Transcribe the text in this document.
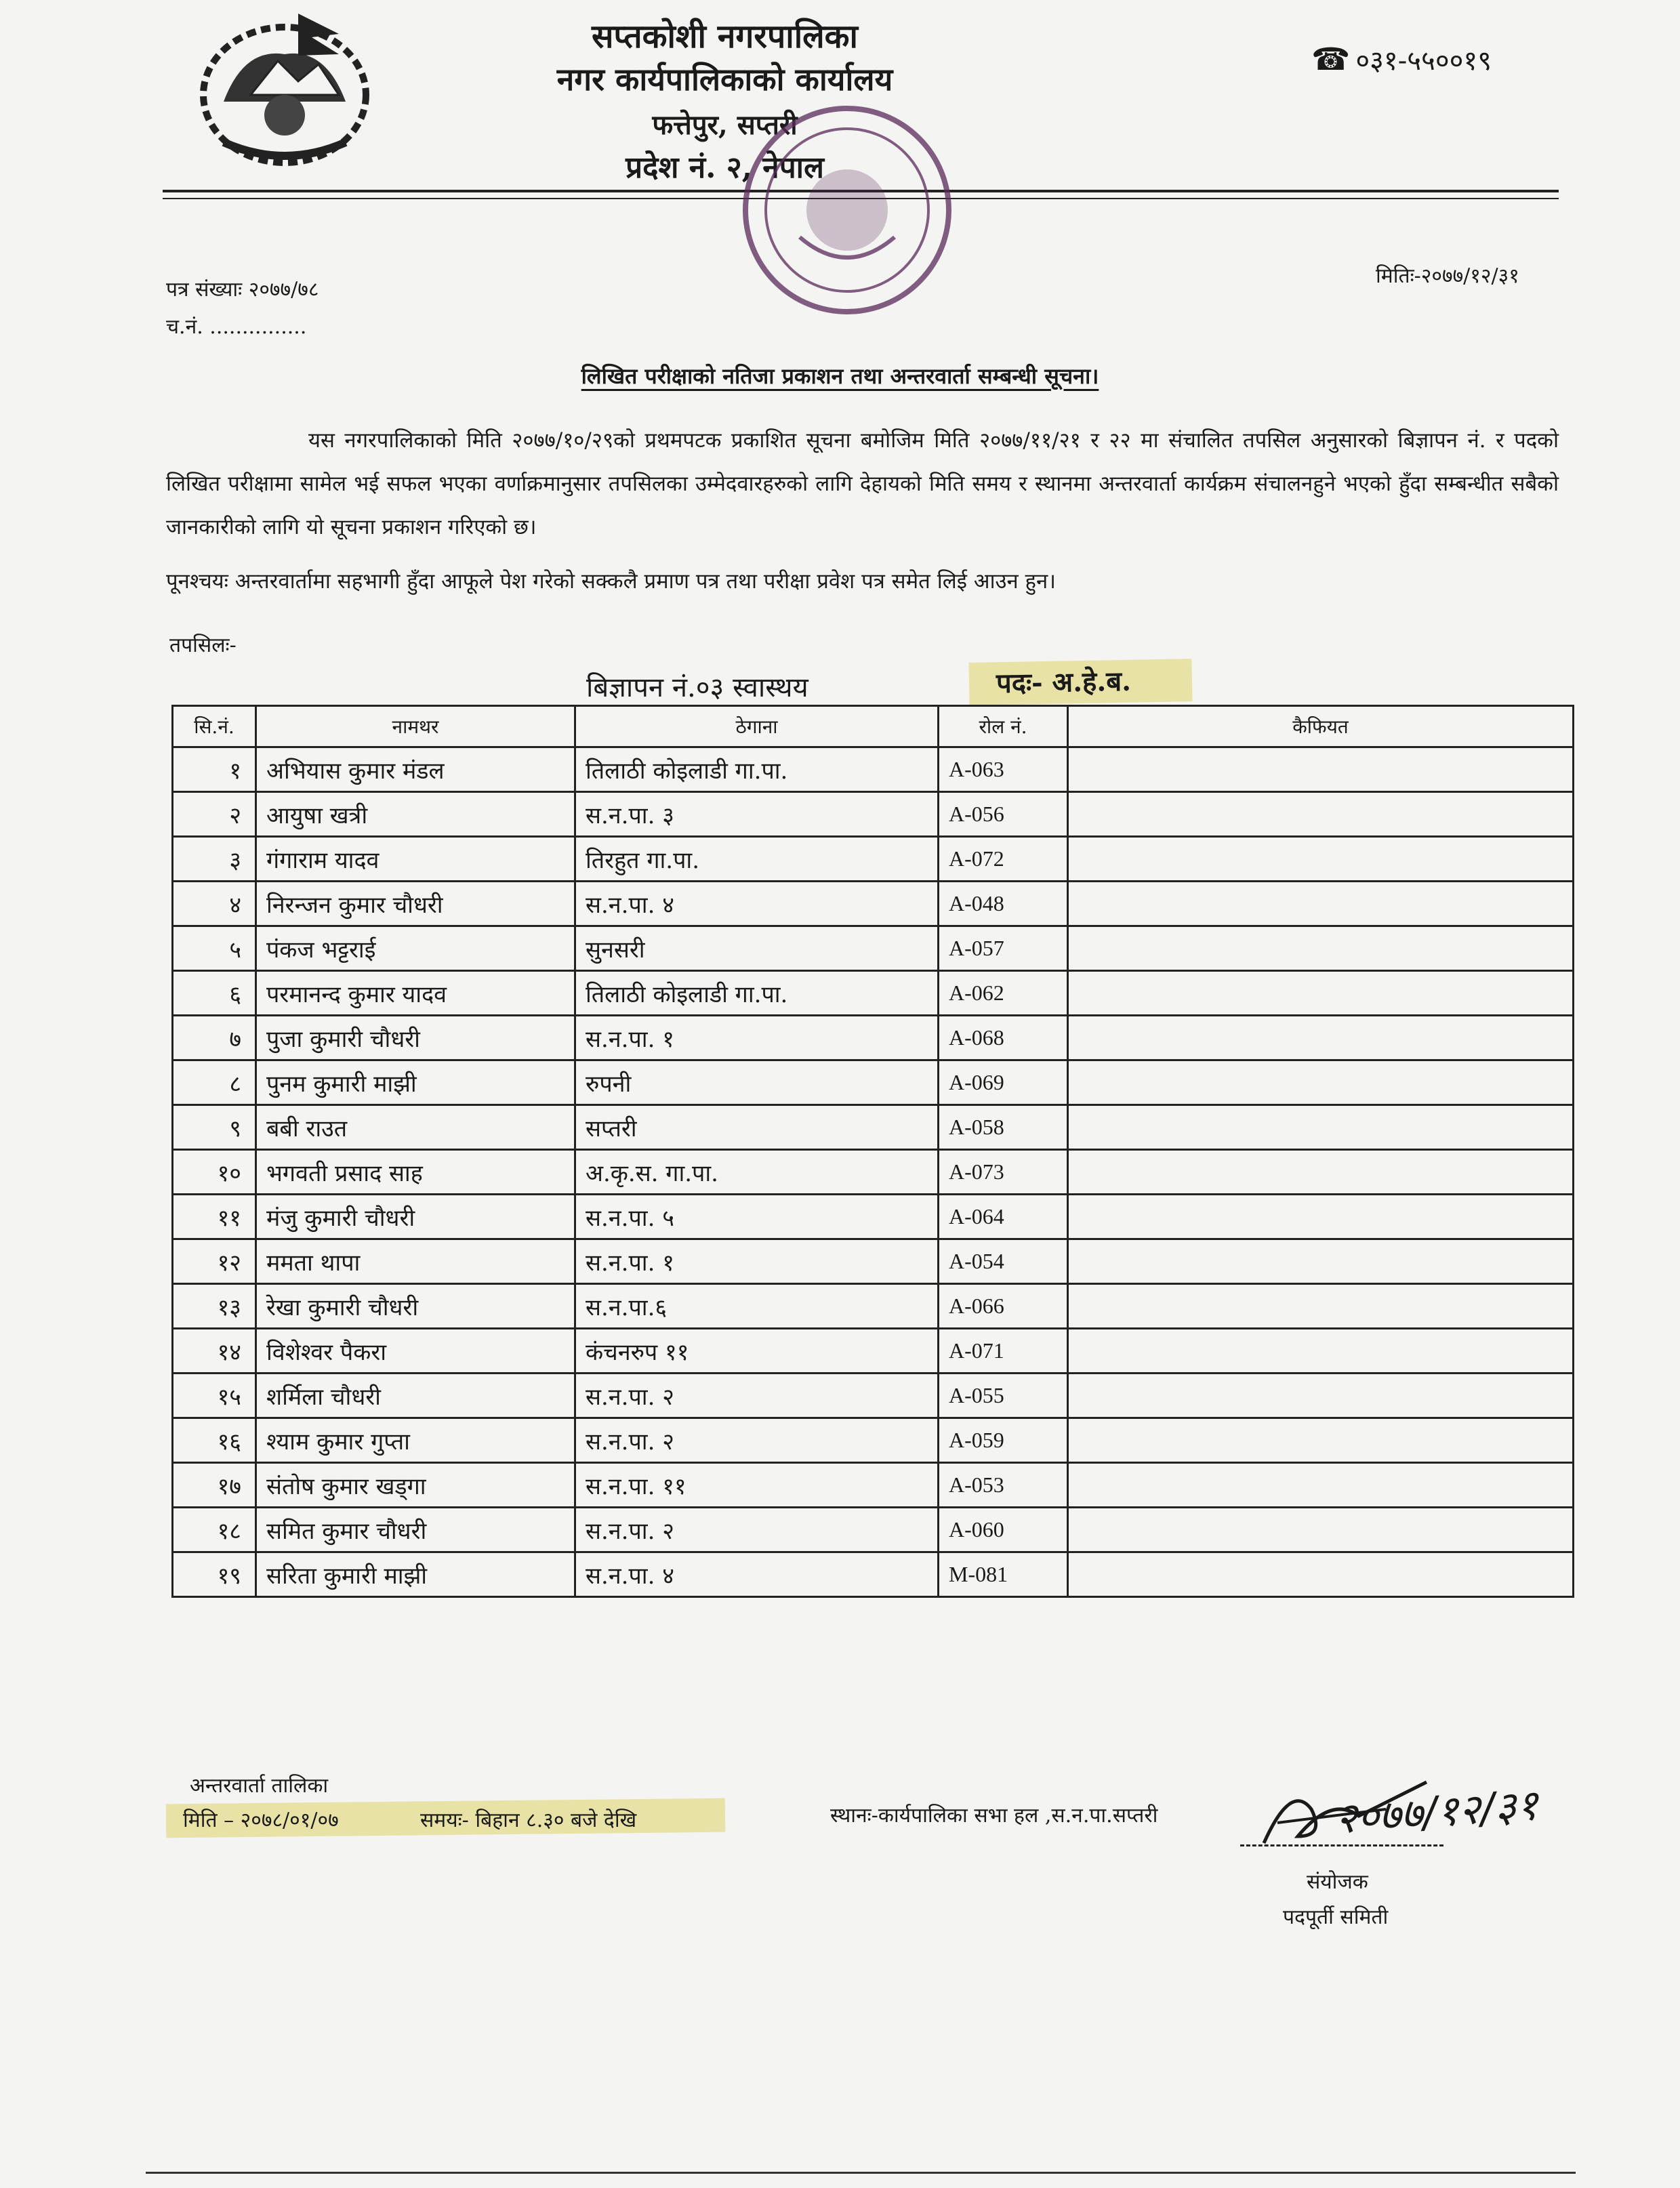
सप्तकोशी नगरपालिका
नगर कार्यपालिकाको कार्यालय
फत्तेपुर, सप्तरी
प्रदेश नं. २, नेपाल
☎ ०३१-५५००१९
पत्र संख्याः २०७७/७८
च.नं. ...............
मितिः-२०७७/१२/३१
लिखित परीक्षाको नतिजा प्रकाशन तथा अन्तरवार्ता सम्बन्धी सूचना।
यस नगरपालिकाको मिति २०७७/१०/२९को प्रथमपटक प्रकाशित सूचना बमोजिम मिति २०७७/११/२१ र २२ मा संचालित तपसिल अनुसारको बिज्ञापन नं. र पदको लिखित परीक्षामा सामेल भई सफल भएका वर्णाक्रमानुसार तपसिलका उम्मेदवारहरुको लागि देहायको मिति समय र स्थानमा अन्तरवार्ता कार्यक्रम संचालनहुने भएको हुँदा सम्बन्धीत सबैको जानकारीको लागि यो सूचना प्रकाशन गरिएको छ।
पूनश्चयः अन्तरवार्तामा सहभागी हुँदा आफूले पेश गरेको सक्कलै प्रमाण पत्र तथा परीक्षा प्रवेश पत्र समेत लिई आउन हुन।
तपसिलः-
बिज्ञापन नं.०३ स्वास्थय	पदः- अ.हे.ब.
सि.नं.	नामथर	ठेगाना	रोल नं.	कैफियत
१	अभियास कुमार मंडल	तिलाठी कोइलाडी गा.पा.	A-063	
२	आयुषा खत्री	स.न.पा. ३	A-056	
३	गंगाराम यादव	तिरहुत गा.पा.	A-072	
४	निरन्जन कुमार चौधरी	स.न.पा. ४	A-048	
५	पंकज भट्टराई	सुनसरी	A-057	
६	परमानन्द कुमार यादव	तिलाठी कोइलाडी गा.पा.	A-062	
७	पुजा कुमारी चौधरी	स.न.पा. १	A-068	
८	पुनम कुमारी माझी	रुपनी	A-069	
९	बबी राउत	सप्तरी	A-058	
१०	भगवती प्रसाद साह	अ.कृ.स. गा.पा.	A-073	
११	मंजु कुमारी चौधरी	स.न.पा. ५	A-064	
१२	ममता थापा	स.न.पा. १	A-054	
१३	रेखा कुमारी चौधरी	स.न.पा.६	A-066	
१४	विशेश्वर पैकरा	कंचनरुप ११	A-071	
१५	शर्मिला चौधरी	स.न.पा. २	A-055	
१६	श्याम कुमार गुप्ता	स.न.पा. २	A-059	
१७	संतोष कुमार खड्गा	स.न.पा. ११	A-053	
१८	समित कुमार चौधरी	स.न.पा. २	A-060	
१९	सरिता कुमारी माझी	स.न.पा. ४	M-081	
अन्तरवार्ता तालिका
मिति – २०७८/०१/०७	समयः- बिहान ८.३० बजे देखि	स्थानः-कार्यपालिका सभा हल ,स.न.पा.सप्तरी	२०७७/१२/३१
संयोजक
पदपूर्ती समिती
